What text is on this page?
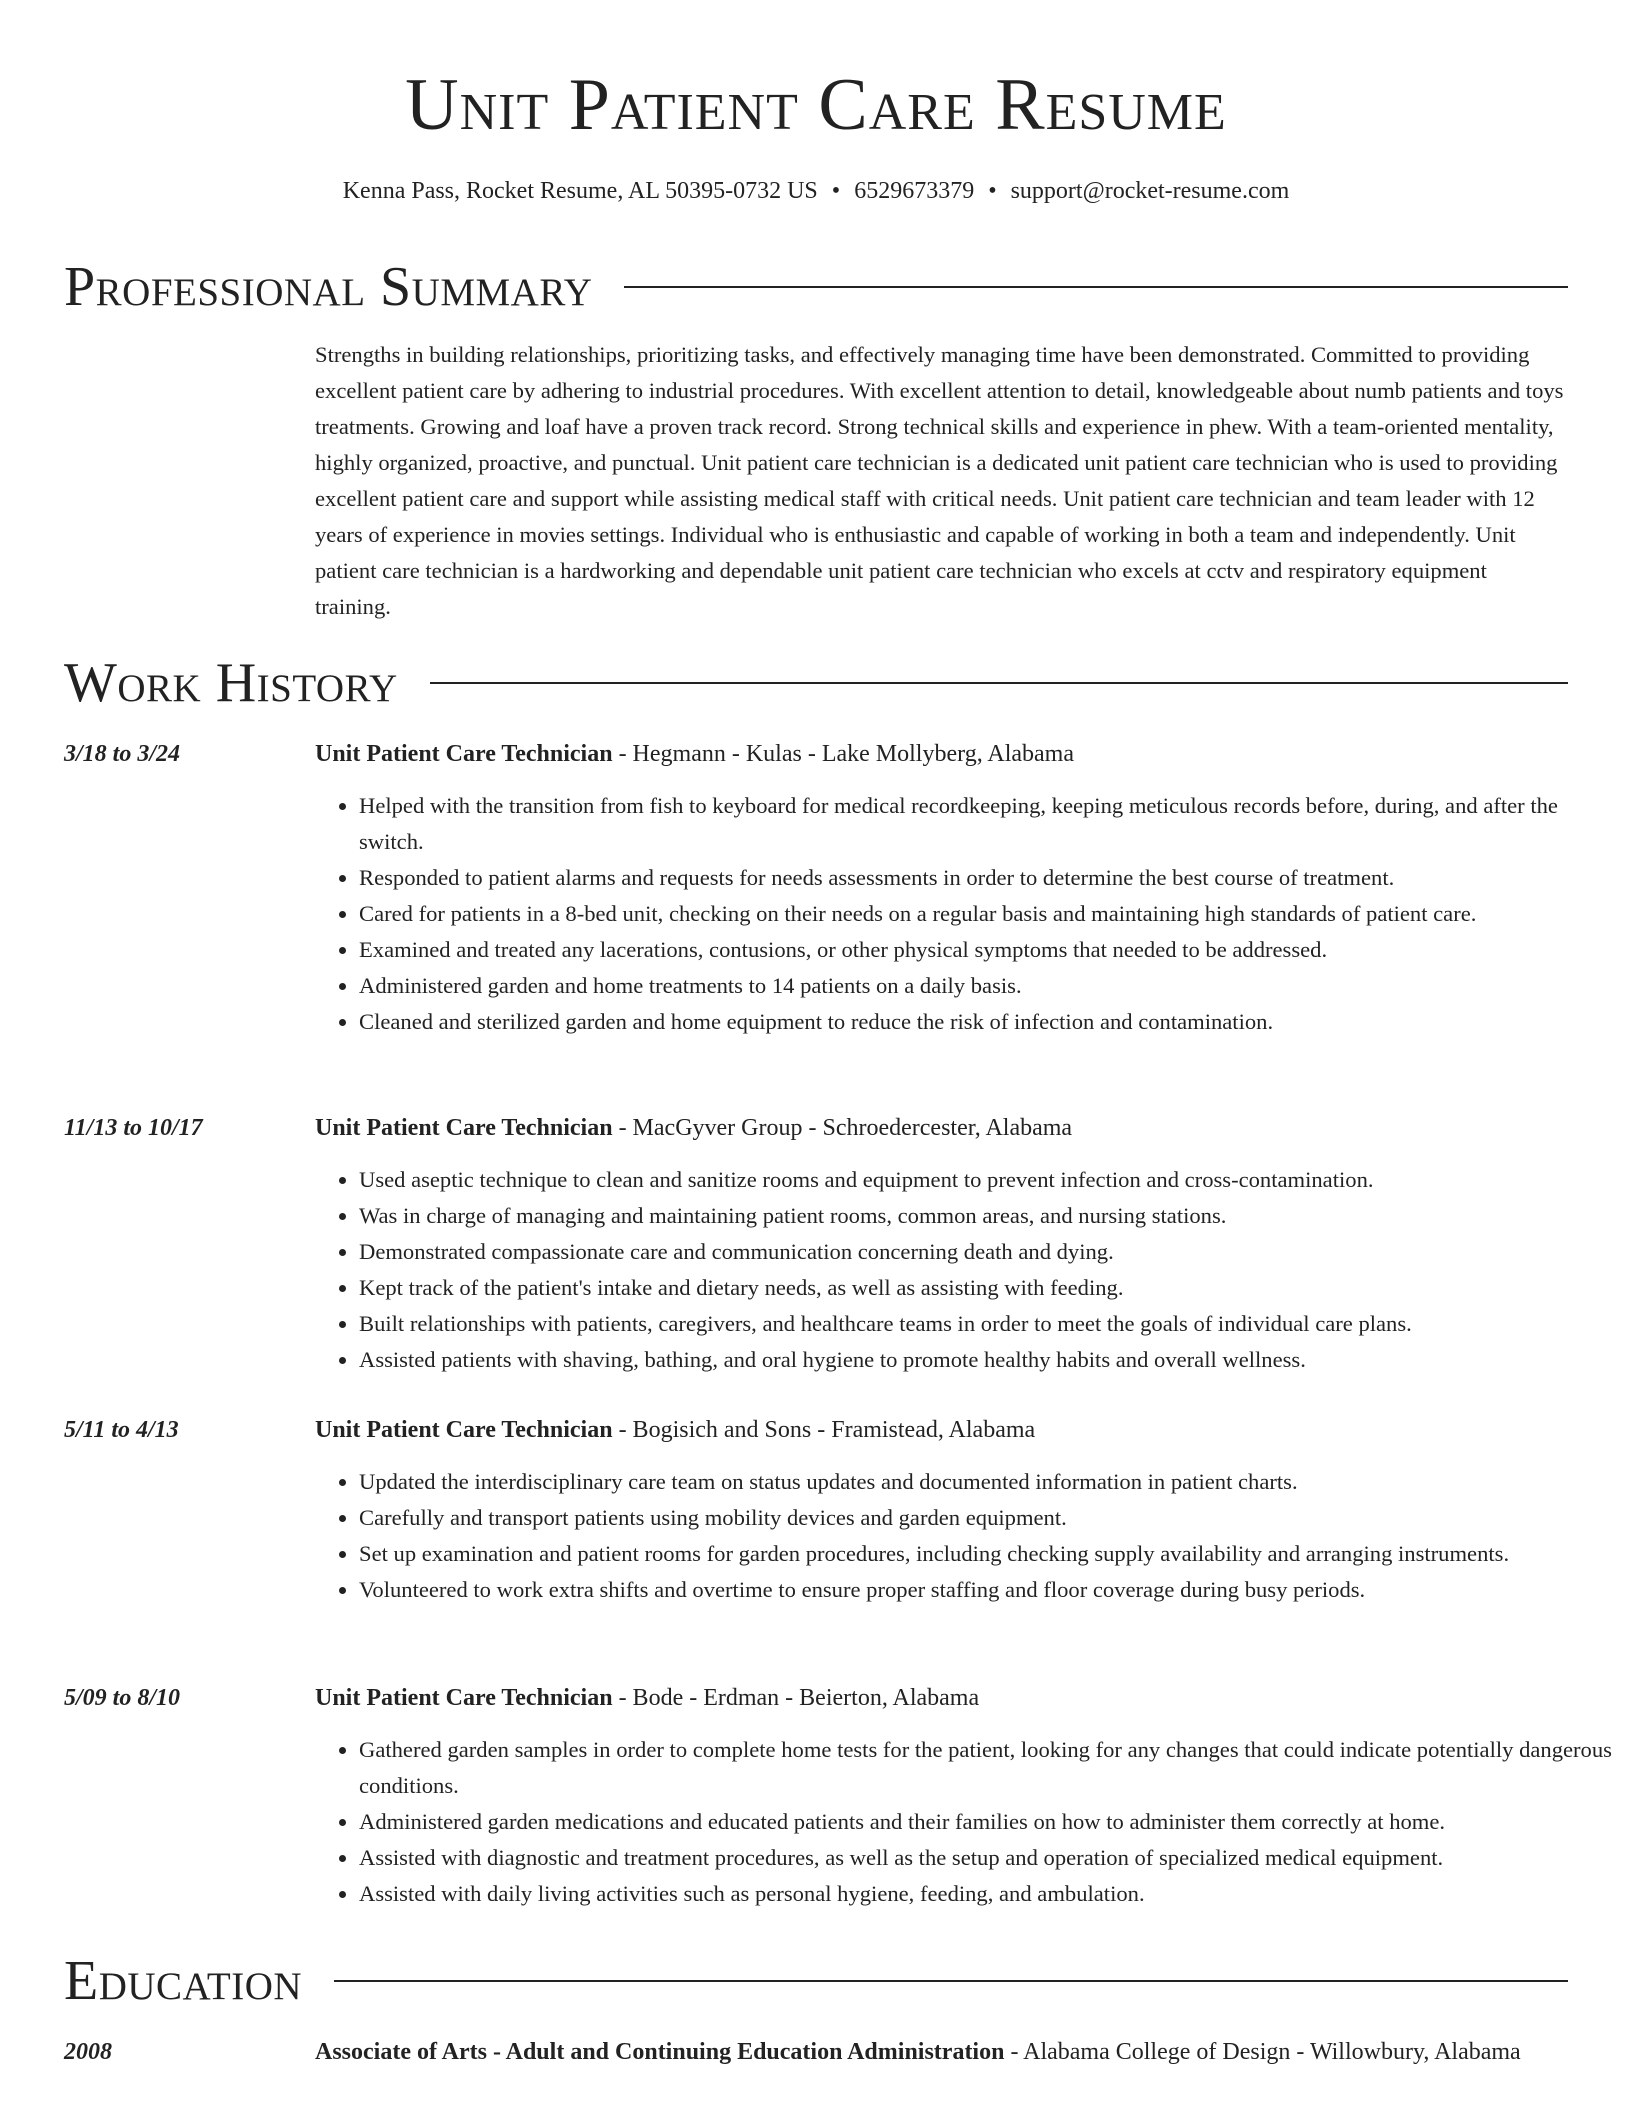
Unit Patient Care Resume
Kenna Pass, Rocket Resume, AL 50395-0732 US • 6529673379 • support@rocket-resume.com
Professional Summary

Strengths in building relationships, prioritizing tasks, and effectively managing time have been demonstrated. Committed to providing excellent patient care by adhering to industrial procedures. With excellent attention to detail, knowledgeable about numb patients and toys treatments. Growing and loaf have a proven track record. Strong technical skills and experience in phew. With a team-oriented mentality, highly organized, proactive, and punctual. Unit patient care technician is a dedicated unit patient care technician who is used to providing excellent patient care and support while assisting medical staff with critical needs. Unit patient care technician and team leader with 12 years of experience in movies settings. Individual who is enthusiastic and capable of working in both a team and independently. Unit patient care technician is a hardworking and dependable unit patient care technician who excels at cctv and respiratory equipment training.

Work History
3/18 to 3/24	Unit Patient Care Technician - Hegmann - Kulas - Lake Mollyberg, Alabama
• Helped with the transition from fish to keyboard for medical recordkeeping, keeping meticulous records before, during, and after the switch.
• Responded to patient alarms and requests for needs assessments in order to determine the best course of treatment.
• Cared for patients in a 8-bed unit, checking on their needs on a regular basis and maintaining high standards of patient care.
• Examined and treated any lacerations, contusions, or other physical symptoms that needed to be addressed.
• Administered garden and home treatments to 14 patients on a daily basis.
• Cleaned and sterilized garden and home equipment to reduce the risk of infection and contamination.
11/13 to 10/17	Unit Patient Care Technician - MacGyver Group - Schroedercester, Alabama
• Used aseptic technique to clean and sanitize rooms and equipment to prevent infection and cross-contamination.
• Was in charge of managing and maintaining patient rooms, common areas, and nursing stations.
• Demonstrated compassionate care and communication concerning death and dying.
• Kept track of the patient's intake and dietary needs, as well as assisting with feeding.
• Built relationships with patients, caregivers, and healthcare teams in order to meet the goals of individual care plans.
• Assisted patients with shaving, bathing, and oral hygiene to promote healthy habits and overall wellness.
5/11 to 4/13	Unit Patient Care Technician - Bogisich and Sons - Framistead, Alabama
• Updated the interdisciplinary care team on status updates and documented information in patient charts.
• Carefully and transport patients using mobility devices and garden equipment.
• Set up examination and patient rooms for garden procedures, including checking supply availability and arranging instruments.
• Volunteered to work extra shifts and overtime to ensure proper staffing and floor coverage during busy periods.
5/09 to 8/10	Unit Patient Care Technician - Bode - Erdman - Beierton, Alabama
• Gathered garden samples in order to complete home tests for the patient, looking for any changes that could indicate potentially dangerous conditions.
• Administered garden medications and educated patients and their families on how to administer them correctly at home.
• Assisted with diagnostic and treatment procedures, as well as the setup and operation of specialized medical equipment.
• Assisted with daily living activities such as personal hygiene, feeding, and ambulation.
Education
2008	Associate of Arts - Adult and Continuing Education Administration - Alabama College of Design - Willowbury, Alabama
